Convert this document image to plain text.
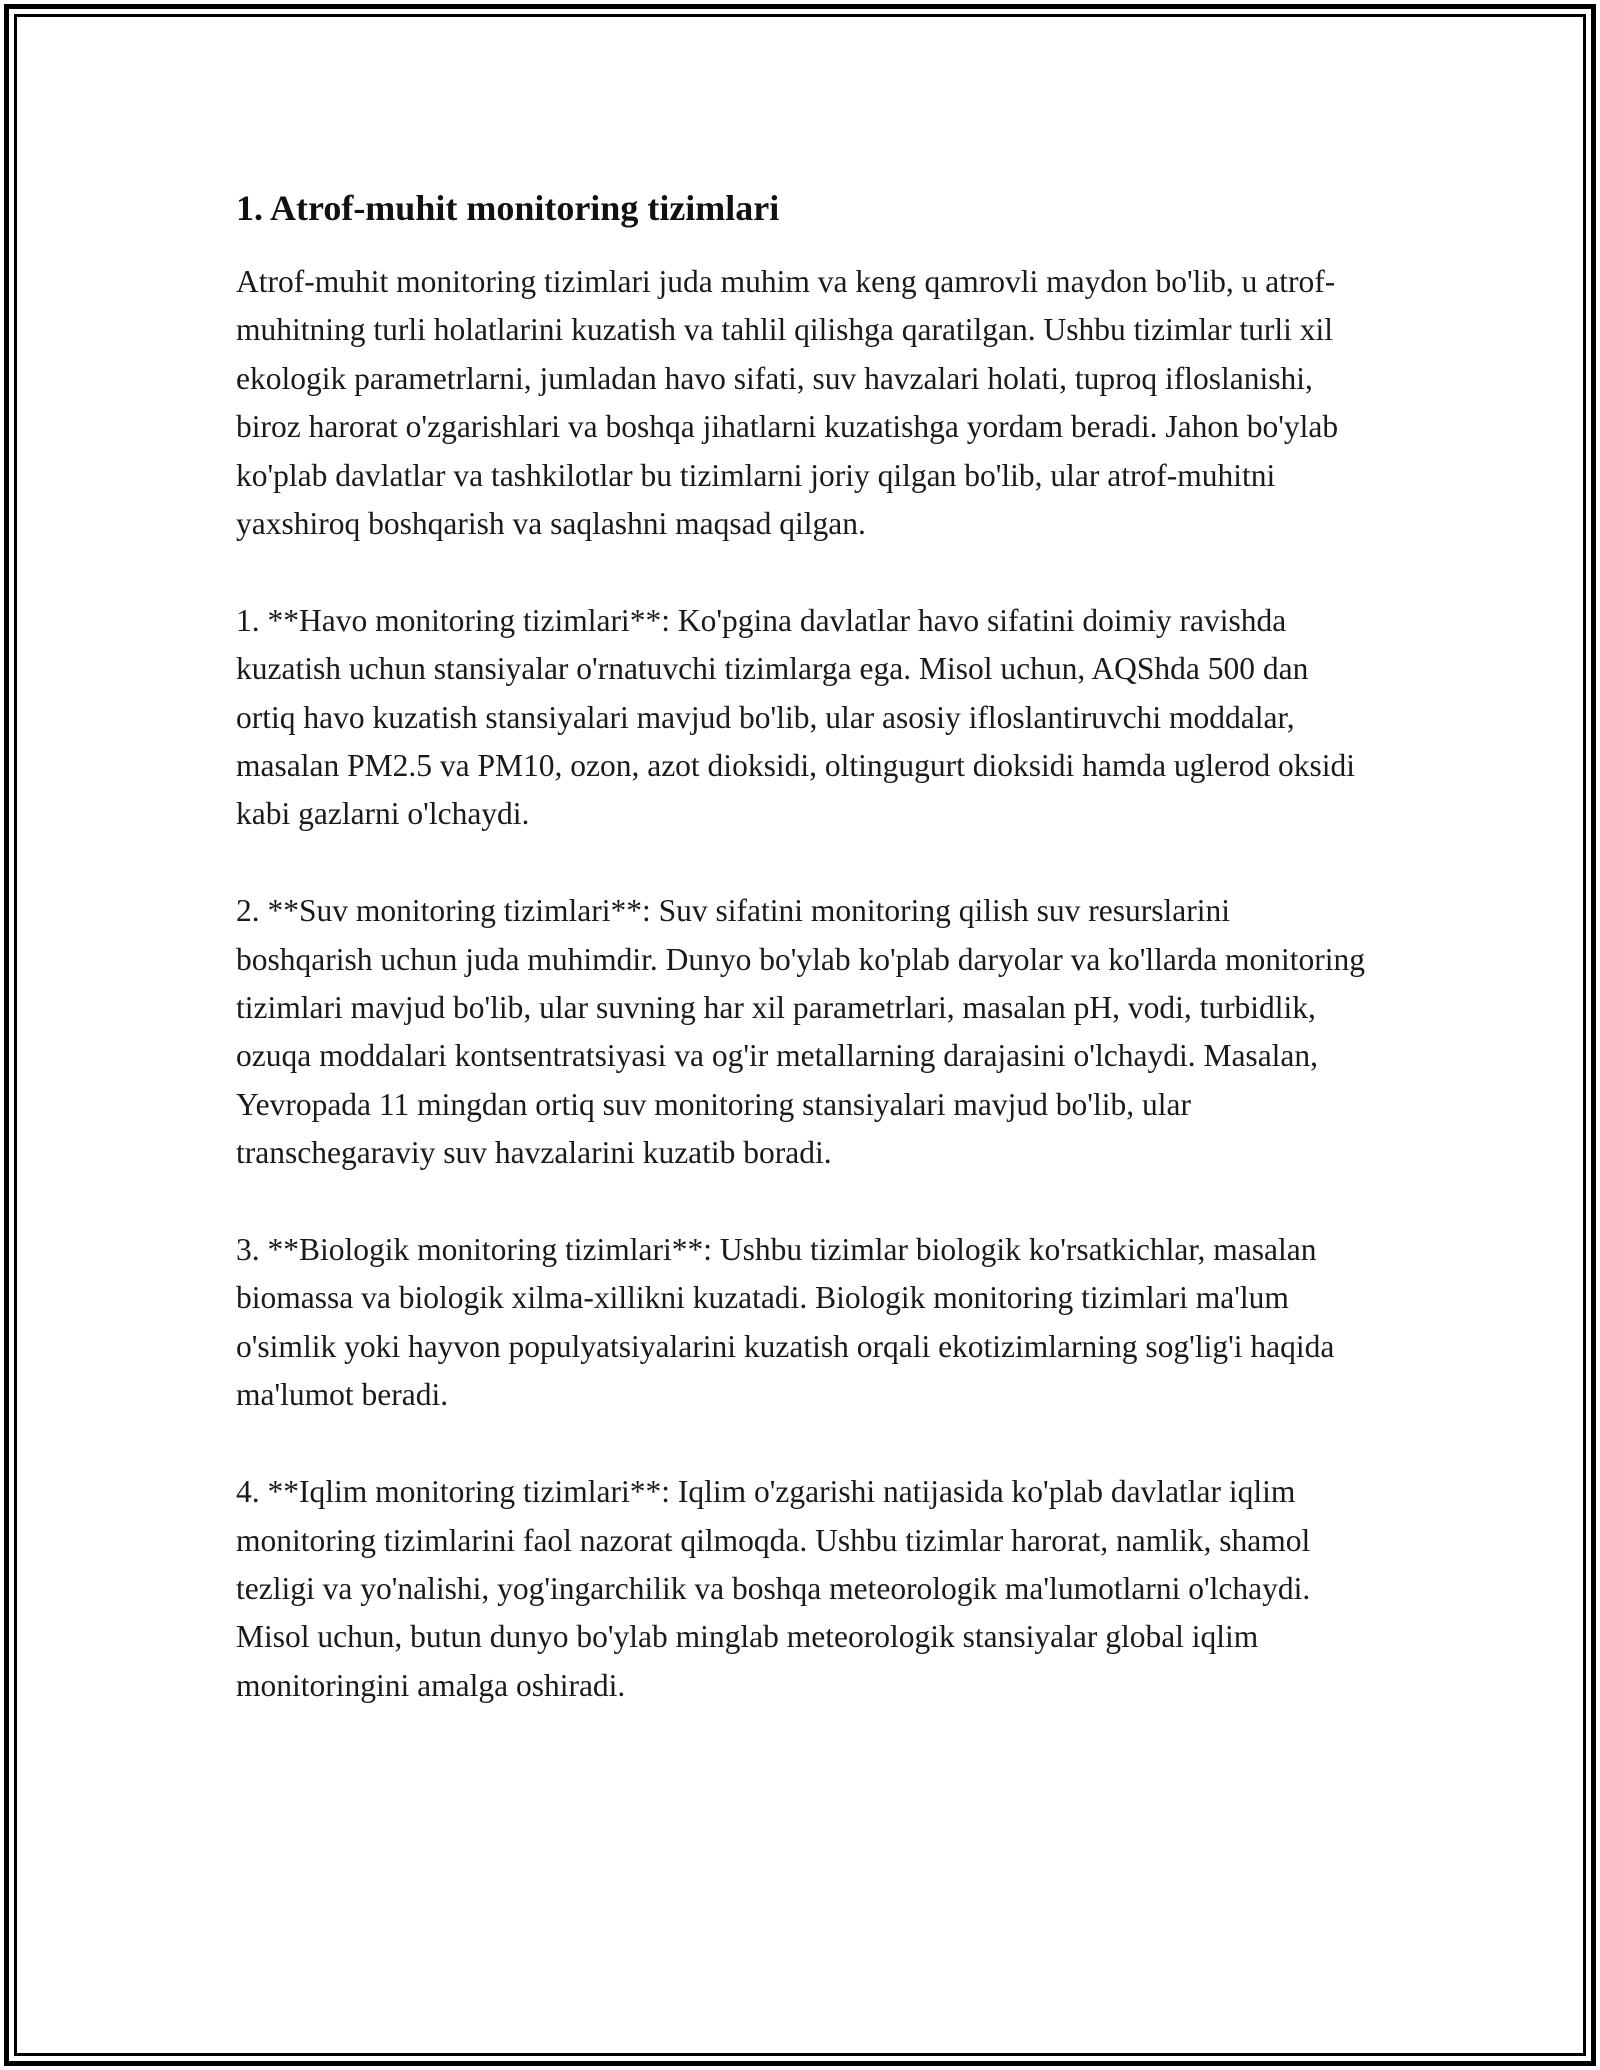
1. Atrof-muhit monitoring tizimlari

Atrof-muhit monitoring tizimlari juda muhim va keng qamrovli maydon bo'lib, u atrof-muhitning turli holatlarini kuzatish va tahlil qilishga qaratilgan. Ushbu tizimlar turli xil ekologik parametrlarni, jumladan havo sifati, suv havzalari holati, tuproq ifloslanishi, biroz harorat o'zgarishlari va boshqa jihatlarni kuzatishga yordam beradi. Jahon bo'ylab ko'plab davlatlar va tashkilotlar bu tizimlarni joriy qilgan bo'lib, ular atrof-muhitni yaxshiroq boshqarish va saqlashni maqsad qilgan.

1. **Havo monitoring tizimlari**: Ko'pgina davlatlar havo sifatini doimiy ravishda kuzatish uchun stansiyalar o'rnatuvchi tizimlarga ega. Misol uchun, AQShda 500 dan ortiq havo kuzatish stansiyalari mavjud bo'lib, ular asosiy ifloslantiruvchi moddalar, masalan PM2.5 va PM10, ozon, azot dioksidi, oltingugurt dioksidi hamda uglerod oksidi kabi gazlarni o'lchaydi.

2. **Suv monitoring tizimlari**: Suv sifatini monitoring qilish suv resurslarini boshqarish uchun juda muhimdir. Dunyo bo'ylab ko'plab daryolar va ko'llarda monitoring tizimlari mavjud bo'lib, ular suvning har xil parametrlari, masalan pH, vodi, turbidlik, ozuqa moddalari kontsentratsiyasi va og'ir metallarning darajasini o'lchaydi. Masalan, Yevropada 11 mingdan ortiq suv monitoring stansiyalari mavjud bo'lib, ular transchegaraviy suv havzalarini kuzatib boradi.

3. **Biologik monitoring tizimlari**: Ushbu tizimlar biologik ko'rsatkichlar, masalan biomassa va biologik xilma-xillikni kuzatadi. Biologik monitoring tizimlari ma'lum o'simlik yoki hayvon populyatsiyalarini kuzatish orqali ekotizimlarning sog'lig'i haqida ma'lumot beradi.

4. **Iqlim monitoring tizimlari**: Iqlim o'zgarishi natijasida ko'plab davlatlar iqlim monitoring tizimlarini faol nazorat qilmoqda. Ushbu tizimlar harorat, namlik, shamol tezligi va yo'nalishi, yog'ingarchilik va boshqa meteorologik ma'lumotlarni o'lchaydi. Misol uchun, butun dunyo bo'ylab minglab meteorologik stansiyalar global iqlim monitoringini amalga oshiradi.
